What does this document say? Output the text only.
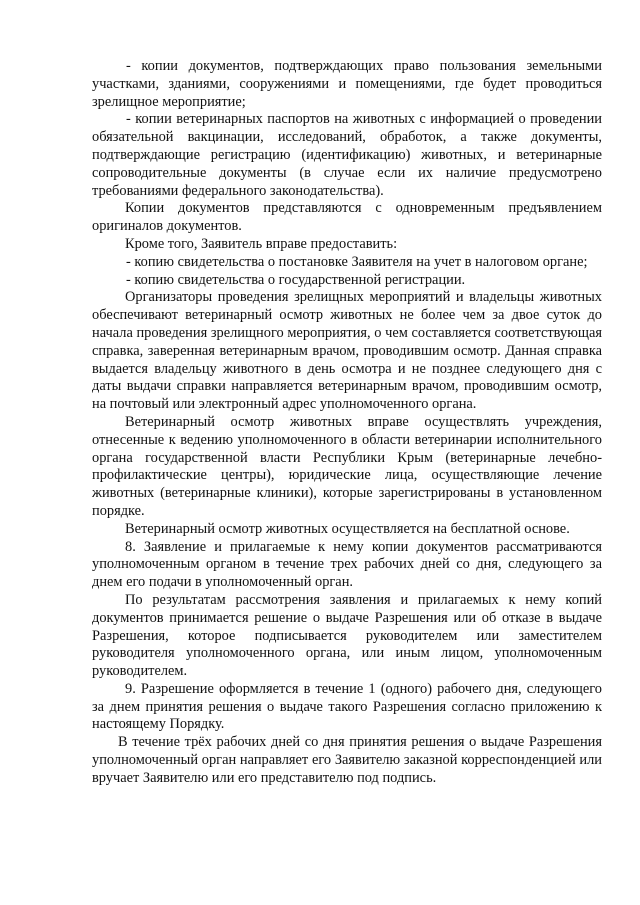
- копии документов, подтверждающих право пользования земельными участками, зданиями, сооружениями и помещениями, где будет проводиться зрелищное мероприятие;

- копии ветеринарных паспортов на животных с информацией о проведении обязательной вакцинации, исследований, обработок, а также документы, подтверждающие регистрацию (идентификацию) животных, и ветеринарные сопроводительные документы (в случае если их наличие предусмотрено требованиями федерального законодательства).

Копии документов представляются с одновременным предъявлением оригиналов документов.

Кроме того, Заявитель вправе предоставить:

- копию свидетельства о постановке Заявителя на учет в налоговом органе;

- копию свидетельства о государственной регистрации.

Организаторы проведения зрелищных мероприятий и владельцы животных обеспечивают ветеринарный осмотр животных не более чем за двое суток до начала проведения зрелищного мероприятия, о чем составляется соответствующая справка, заверенная ветеринарным врачом, проводившим осмотр. Данная справка выдается владельцу животного в день осмотра и не позднее следующего дня с даты выдачи справки направляется ветеринарным врачом, проводившим осмотр, на почтовый или электронный адрес уполномоченного органа.

Ветеринарный осмотр животных вправе осуществлять учреждения, отнесенные к ведению уполномоченного в области ветеринарии исполнительного органа государственной власти Республики Крым (ветеринарные лечебно-профилактические центры), юридические лица, осуществляющие лечение животных (ветеринарные клиники), которые зарегистрированы в установленном порядке.

Ветеринарный осмотр животных осуществляется на бесплатной основе.

8. Заявление и прилагаемые к нему копии документов рассматриваются уполномоченным органом в течение трех рабочих дней со дня, следующего за днем его подачи в уполномоченный орган.

По результатам рассмотрения заявления и прилагаемых к нему копий документов принимается решение о выдаче Разрешения или об отказе в выдаче Разрешения, которое подписывается руководителем или заместителем руководителя уполномоченного органа, или иным лицом, уполномоченным руководителем.

9. Разрешение оформляется в течение 1 (одного) рабочего дня, следующего за днем принятия решения о выдаче такого Разрешения согласно приложению к настоящему Порядку.

В течение трёх рабочих дней со дня принятия решения о выдаче Разрешения уполномоченный орган направляет его Заявителю заказной корреспонденцией или вручает Заявителю или его представителю под подпись.
